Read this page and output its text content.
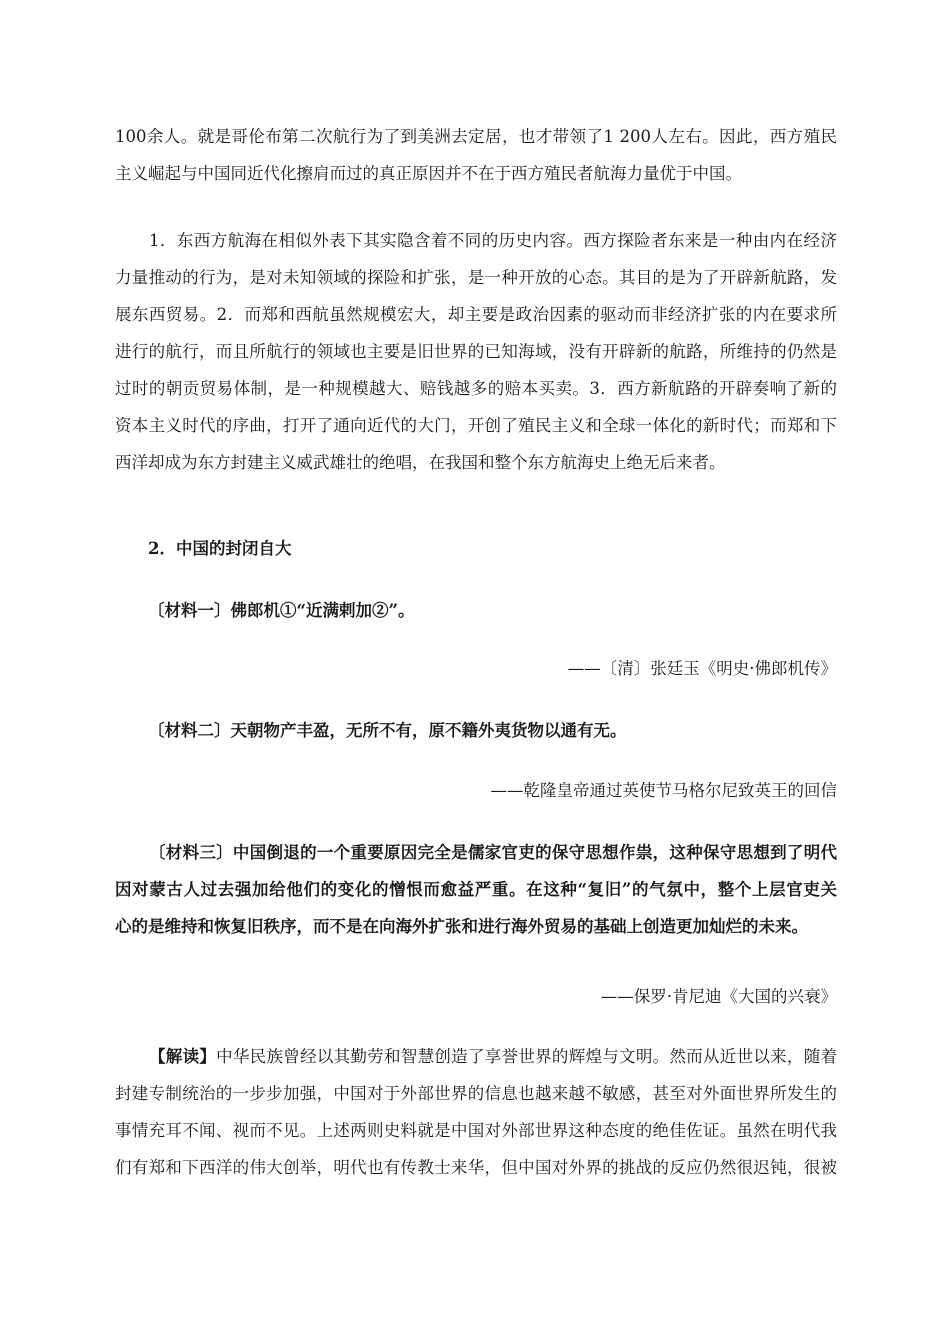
100余人。就是哥伦布第二次航行为了到美洲去定居，也才带领了1 200人左右。因此，西方殖民
主义崛起与中国同近代化擦肩而过的真正原因并不在于西方殖民者航海力量优于中国。
1．东西方航海在相似外表下其实隐含着不同的历史内容。西方探险者东来是一种由内在经济
力量推动的行为，是对未知领域的探险和扩张，是一种开放的心态。其目的是为了开辟新航路，发
展东西贸易。2．而郑和西航虽然规模宏大，却主要是政治因素的驱动而非经济扩张的内在要求所
进行的航行，而且所航行的领域也主要是旧世界的已知海域，没有开辟新的航路，所维持的仍然是
过时的朝贡贸易体制，是一种规模越大、赔钱越多的赔本买卖。3．西方新航路的开辟奏响了新的
资本主义时代的序曲，打开了通向近代的大门，开创了殖民主义和全球一体化的新时代；而郑和下
西洋却成为东方封建主义威武雄壮的绝唱，在我国和整个东方航海史上绝无后来者。
2．中国的封闭自大
〔材料一〕佛郎机①“近满剌加②”。
——〔清〕张廷玉《明史·佛郎机传》
〔材料二〕天朝物产丰盈，无所不有，原不籍外夷货物以通有无。
——乾隆皇帝通过英使节马格尔尼致英王的回信
〔材料三〕中国倒退的一个重要原因完全是儒家官吏的保守思想作祟，这种保守思想到了明代
因对蒙古人过去强加给他们的变化的憎恨而愈益严重。在这种“复旧”的气氛中，整个上层官吏关
心的是维持和恢复旧秩序，而不是在向海外扩张和进行海外贸易的基础上创造更加灿烂的未来。
——保罗·肯尼迪《大国的兴衰》
【解读】中华民族曾经以其勤劳和智慧创造了享誉世界的辉煌与文明。然而从近世以来，随着
封建专制统治的一步步加强，中国对于外部世界的信息也越来越不敏感，甚至对外面世界所发生的
事情充耳不闻、视而不见。上述两则史料就是中国对外部世界这种态度的绝佳佐证。虽然在明代我
们有郑和下西洋的伟大创举，明代也有传教士来华，但中国对外界的挑战的反应仍然很迟钝，很被
